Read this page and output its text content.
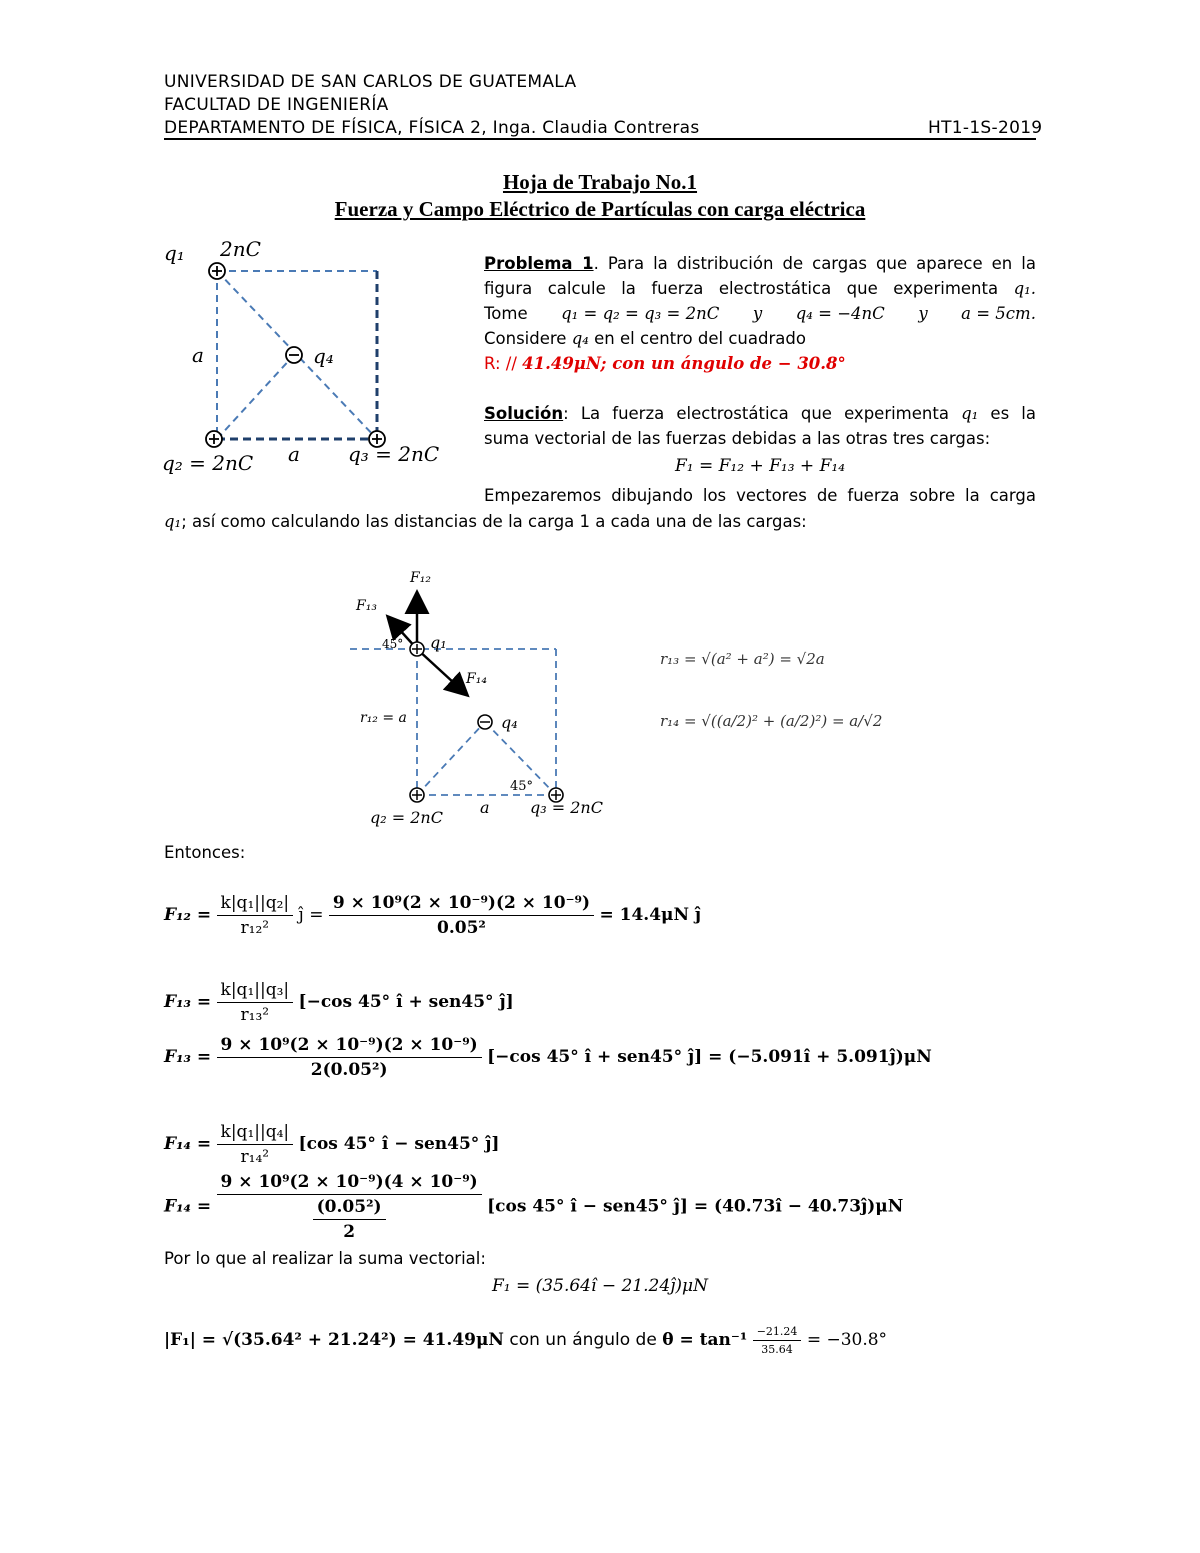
UNIVERSIDAD DE SAN CARLOS DE GUATEMALA
FACULTAD DE INGENIERÍA
DEPARTAMENTO DE FÍSICA, FÍSICA 2, Inga. Claudia Contreras	HT1-1S-2019
Hoja de Trabajo No.1
Fuerza y Campo Eléctrico de Partículas con carga eléctrica
q₁ 2nC
a	q₄
q₂ = 2nC a q₃ = 2nC
Problema 1. Para la distribución de cargas que aparece en la
figura calcule la fuerza electrostática que experimenta q₁.
Tome q₁ = q₂ = q₃ = 2nC y q₄ = −4nC y a = 5cm.
Considere q₄ en el centro del cuadrado
R: // 41.49μN; con un ángulo de − 30.8°
Solución: La fuerza electrostática que experimenta q₁ es la
suma vectorial de las fuerzas debidas a las otras tres cargas:
F₁ = F₁₂ + F₁₃ + F₁₄
Empezaremos dibujando los vectores de fuerza sobre la carga
q₁; así como calculando las distancias de la carga 1 a cada una de las cargas:
F₁₂
F₁₃
F₁₄
45° q₁
r₁₂ = a	q₄
45°
q₂ = 2nC
a	q₃ = 2nC
r₁₃ = √(a² + a²) = √2a
r₁₄ = √((a/2)² + (a/2)²) = a/√2
Entonces:
$F_{12} = \frac{\text{k|q₁||q₂|}}{\text{r₁₂²}}$ ĵ = $\frac{\text{9 × 10⁹(2 × 10⁻⁹)(2 × 10⁻⁹)}}{\text{0.05²}} = 14.4\mu N$ ĵ
$F_{13} = \frac{\text{k|q₁||q₃|}}{\text{r₁₃²}} [-\cos$ 45° î + sen45° ĵ]
$F_{13} = \frac{\text{9 × 10⁹(2 × 10⁻⁹)(2 × 10⁻⁹)}}{\text{2(0.05²)}} [-\cos$ 45° î + sen45° ĵ] = (−5.091î + 5.091ĵ)μN
$F_{14} = \frac{\text{k|q₁||q₄|}}{\text{r₁₄²}} [\cos$ 45° î − sen45° ĵ]
$F_{14} = \frac{\text{9 × 10⁹(2 × 10⁻⁹)(4 × 10⁻⁹)}}{\frac{\text{(0.05²)}}{2}} [\cos$ 45° î − sen45° ĵ] = (40.73î − 40.73ĵ)μN
Por lo que al realizar la suma vectorial:
F₁ = (35.64î − 21.24ĵ)μN
|F₁| = √(35.64² + 21.24²) = 41.49μN con un ángulo de $\theta = \tan^{-1} \frac{-21.24}{35.64} = -30.8^\circ$
